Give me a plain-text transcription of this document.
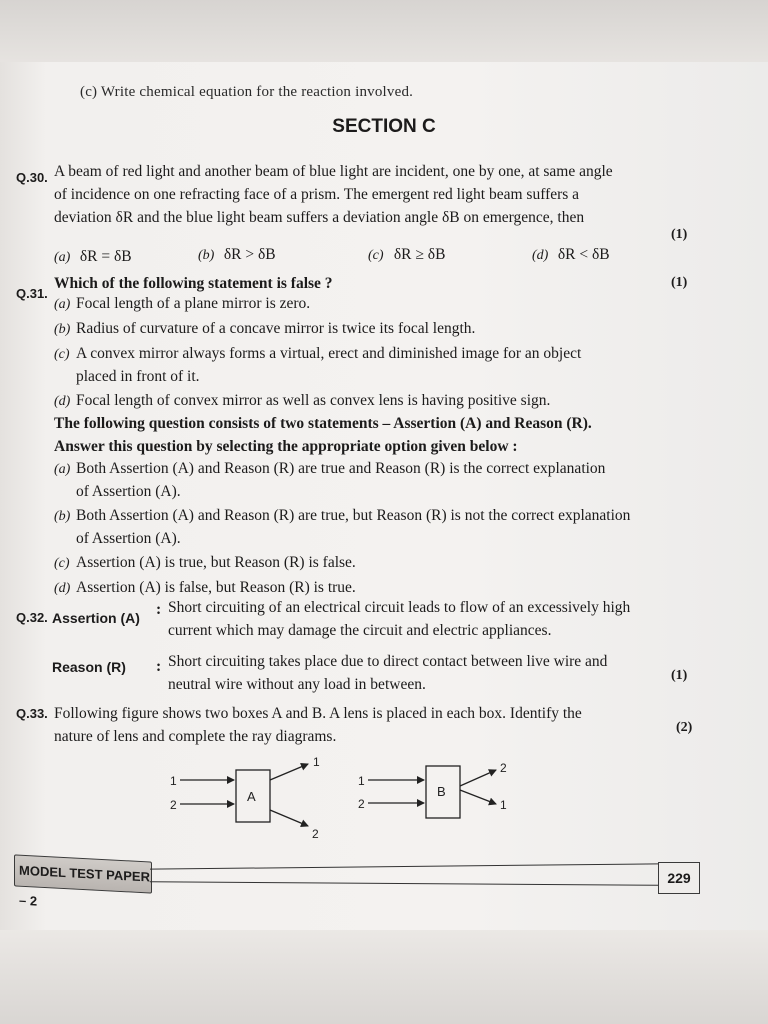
(c) Write chemical equation for the reaction involved.
SECTION C
Q.30. A beam of red light and another beam of blue light are incident, one by one, at same angle
of incidence on one refracting face of a prism. The emergent red light beam suffers a
deviation δR and the blue light beam suffers a deviation angle δB on emergence, then
(1)
(a) δR = δB	(b) δR > δB	(c) δR ≥ δB	(d) δR < δB
Q.31.
Which of the following statement is false ?	(1)
(a) Focal length of a plane mirror is zero.
(b) Radius of curvature of a concave mirror is twice its focal length.
(c) A convex mirror always forms a virtual, erect and diminished image for an object
placed in front of it.
(d) Focal length of convex mirror as well as convex lens is having positive sign.
The following question consists of two statements – Assertion (A) and Reason (R).
Answer this question by selecting the appropriate option given below :
(a) Both Assertion (A) and Reason (R) are true and Reason (R) is the correct explanation
of Assertion (A).
(b) Both Assertion (A) and Reason (R) are true, but Reason (R) is not the correct explanation
of Assertion (A).
(c) Assertion (A) is true, but Reason (R) is false.
(d) Assertion (A) is false, but Reason (R) is true.
Q.32. Assertion (A) : Short circuiting of an electrical circuit leads to flow of an excessively high
current which may damage the circuit and electric appliances.
Reason (R) : Short circuiting takes place due to direct contact between live wire and
neutral wire without any load in between.
(1)
Q.33. Following figure shows two boxes A and B. A lens is placed in each box. Identify the
nature of lens and complete the ray diagrams.
(2)
1
2
A
1
2
1
2
B
2
1
MODEL TEST PAPER – 2
229
